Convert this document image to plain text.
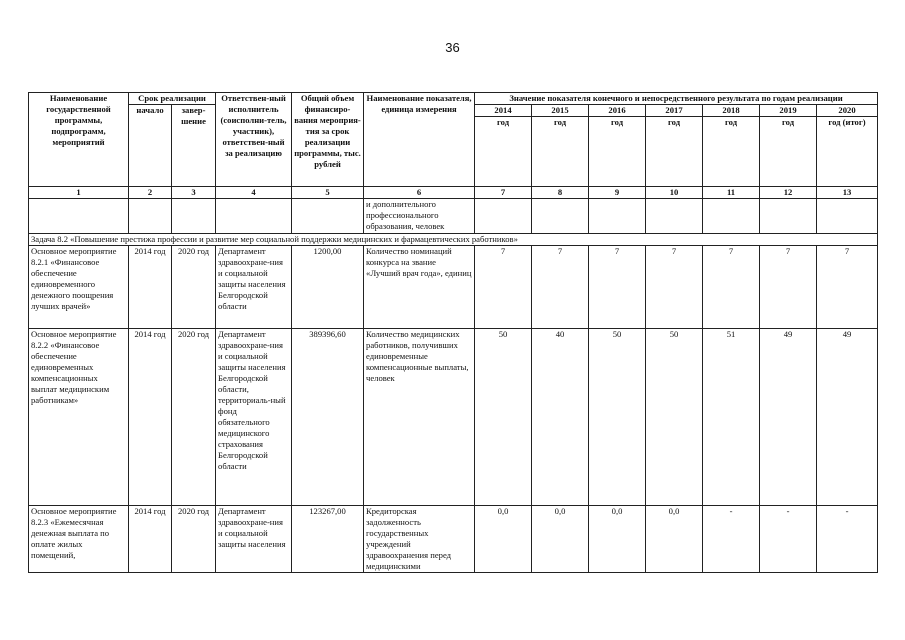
36
Наименование государственной программы, подпрограмм, мероприятий	Срок реализации		Ответствен-ный исполнитель (соисполни-тель, участник), ответствен-ный за реализацию	Общий объем финансиро-вания мероприя-тия за срок реализации программы, тыс. рублей	Наименование показателя, единица измерения	Значение показателя конечного и непосредственного результата по годам реализации						
	начало	завер-шение				2014	2015	2016	2017	2018	2019	2020
						год	год	год	год	год	год	год (итог)
1	2	3	4	5	6	7	8	9	10	11	12	13
					и дополнительного профессионального образования, человек							
Задача 8.2 «Повышение престижа профессии и развитие мер социальной поддержки медицинских и фармацевтических работников»												
Основное мероприятие 8.2.1 «Финансовое обеспечение единовременного денежного поощрения лучших врачей»	2014 год	2020 год	Департамент здравоохране-ния и социальной защиты населения Белгородской области	1200,00	Количество номинаций конкурса на звание «Лучший врач года», единиц	7	7	7	7	7	7	7
Основное мероприятие 8.2.2 «Финансовое обеспечение единовременных компенсационных выплат медицинским работникам»	2014 год	2020 год	Департамент здравоохране-ния и социальной защиты населения Белгородской области, территориаль-ный фонд обязательного медицинского страхования Белгородской области	389396,60	Количество медицинских работников, получивших единовременные компенсационные выплаты, человек	50	40	50	50	51	49	49
Основное мероприятие 8.2.3 «Ежемесячная денежная выплата по оплате жилых помещений,	2014 год	2020 год	Департамент здравоохране-ния и социальной защиты населения	123267,00	Кредиторская задолженность государственных учреждений здравоохранения перед медицинскими	0,0	0,0	0,0	0,0	-	-	-
